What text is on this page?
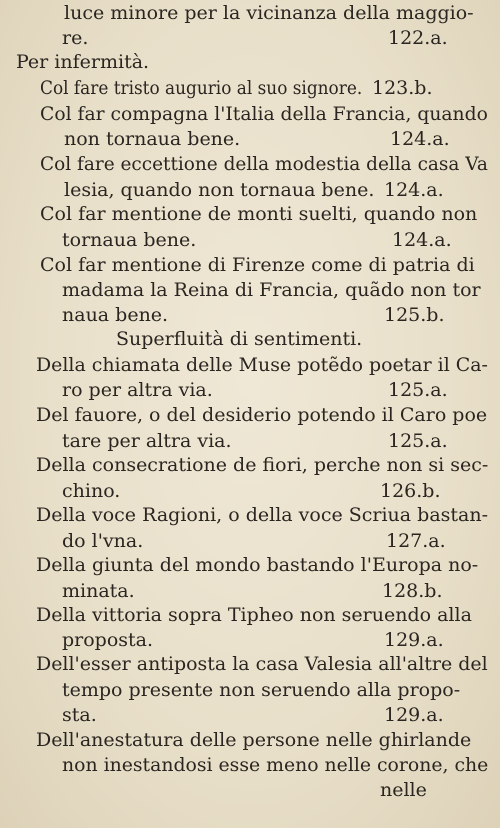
luce minore per la vicinanza della maggio-
re.	122.a.
Per infermità.
Col fare tristo augurio al suo signore. 123.b.
Col far compagna l'Italia della Francia, quando
non tornaua bene.	124.a.
Col fare eccettione della modestia della casa Va
lesia, quando non tornaua bene. 124.a.
Col far mentione de monti suelti, quando non
tornaua bene.	124.a.
Col far mentione di Firenze come di patria di
madama la Reina di Francia, quãdo non tor
naua bene.	125.b.
Superfluità di sentimenti.
Della chiamata delle Muse potẽdo poetar il Ca-
ro per altra via.	125.a.
Del fauore, o del desiderio potendo il Caro poe
tare per altra via.	125.a.
Della consecratione de fiori, perche non si sec-
chino.	126.b.
Della voce Ragioni, o della voce Scriua bastan-
do l'vna.	127.a.
Della giunta del mondo bastando l'Europa no-
minata.	128.b.
Della vittoria sopra Tipheo non seruendo alla
proposta.	129.a.
Dell'esser antiposta la casa Valesia all'altre del
tempo presente non seruendo alla propo-
sta.	129.a.
Dell'anestatura delle persone nelle ghirlande
non inestandosi esse meno nelle corone, che
nelle
